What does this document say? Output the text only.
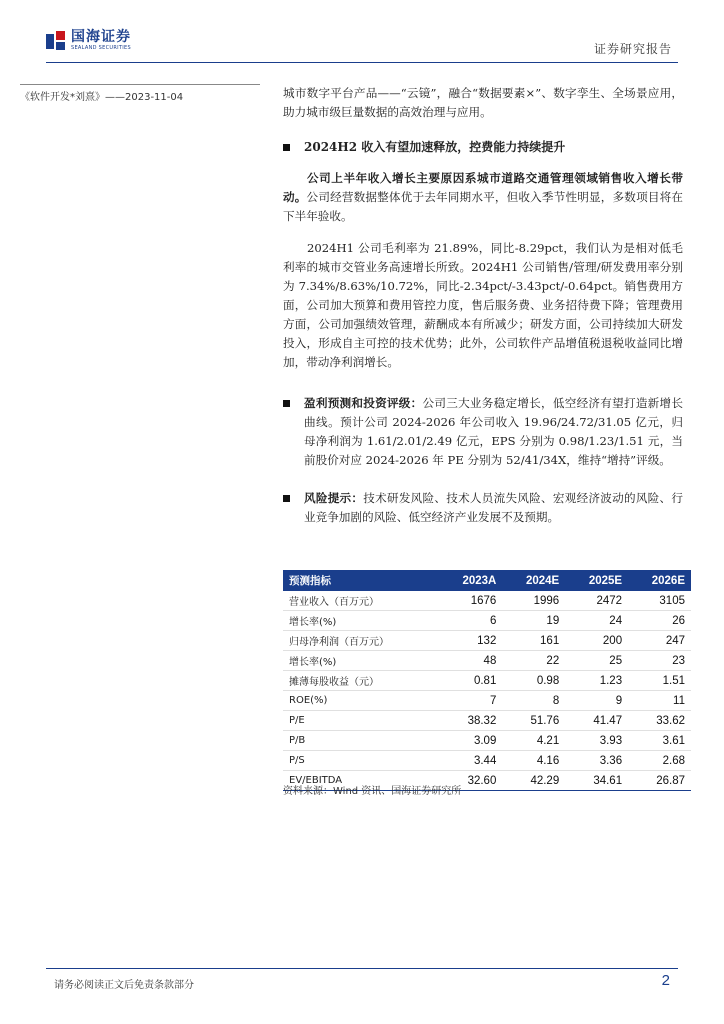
国海证券
SEALAND SECURITIES	证券研究报告
《软件开发*刘熹》——2023-11-04	城市数字平台产品——“云镜”，融合“数据要素×”、数字孪生、全场景应用，助力城市级巨量数据的高效治理与应用。

2024H2 收入有望加速释放，控费能力持续提升

公司上半年收入增长主要原因系城市道路交通管理领域销售收入增长带动。公司经营数据整体优于去年同期水平，但收入季节性明显，多数项目将在下半年验收。

2024H1 公司毛利率为 21.89%，同比-8.29pct，我们认为是相对低毛利率的城市交管业务高速增长所致。2024H1 公司销售/管理/研发费用率分别为 7.34%/8.63%/10.72%，同比-2.34pct/-3.43pct/-0.64pct。销售费用方面，公司加大预算和费用管控力度，售后服务费、业务招待费下降；管理费用方面，公司加强绩效管理，薪酬成本有所减少；研发方面，公司持续加大研发投入，形成自主可控的技术优势；此外，公司软件产品增值税退税收益同比增加，带动净利润增长。

盈利预测和投资评级：公司三大业务稳定增长，低空经济有望打造新增长曲线。预计公司 2024-2026 年公司收入 19.96/24.72/31.05 亿元，归母净利润为 1.61/2.01/2.49 亿元，EPS 分别为 0.98/1.23/1.51 元，当前股价对应 2024-2026 年 PE 分别为 52/41/34X，维持“增持”评级。
风险提示：技术研发风险、技术人员流失风险、宏观经济波动的风险、行业竞争加剧的风险、低空经济产业发展不及预期。
预测指标	2023A	2024E	2025E	2026E
营业收入（百万元）	1676	1996	2472	3105
增长率(%)	6	19	24	26
归母净利润（百万元）	132	161	200	247
增长率(%)	48	22	25	23
摊薄每股收益（元）	0.81	0.98	1.23	1.51
ROE(%)	7	8	9	11
P/E	38.32	51.76	41.47	33.62
P/B	3.09	4.21	3.93	3.61
P/S	3.44	4.16	3.36	2.68
EV/EBITDA	32.60	42.29	34.61	26.87
资料来源：Wind 资讯、国海证券研究所
请务必阅读正文后免责条款部分	2
